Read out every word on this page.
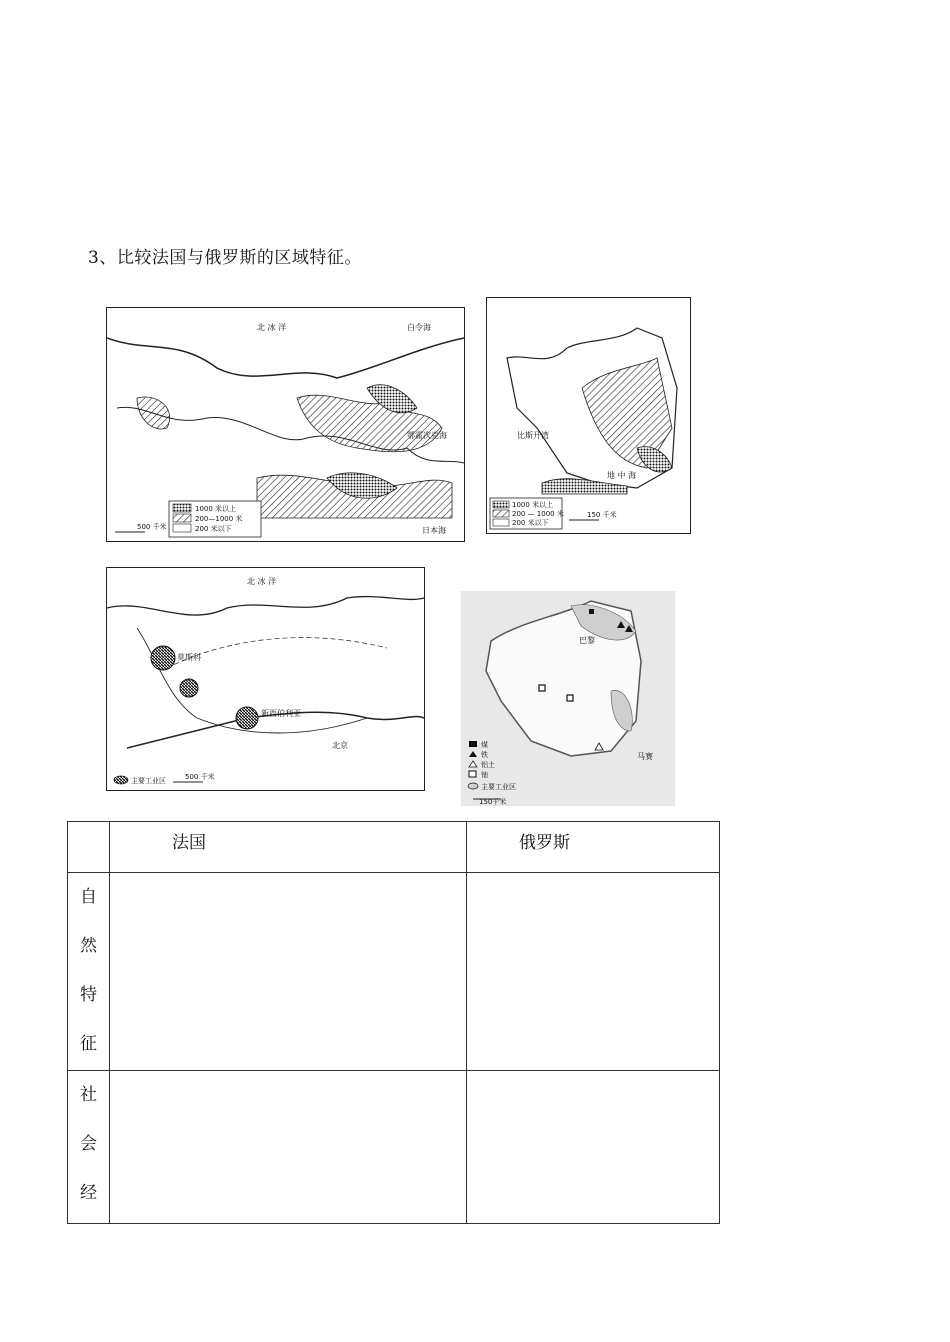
3、比较法国与俄罗斯的区域特征。
北 冰 洋	白令海
鄂霍次克海
日本海
1000 米以上
200—1000 米
200 米以下
500 千米
比斯开湾
地 中 海
1000 米以上
200 — 1000 米
200 米以下
150 千米
莫斯科
新西伯利亚
北京
北 冰 洋
主要工业区	500 千米
巴黎
马赛
煤
铁
铝土
铀
主要工业区
150千米
	法国	俄罗斯

自
然
特
征		

社
会
经		
